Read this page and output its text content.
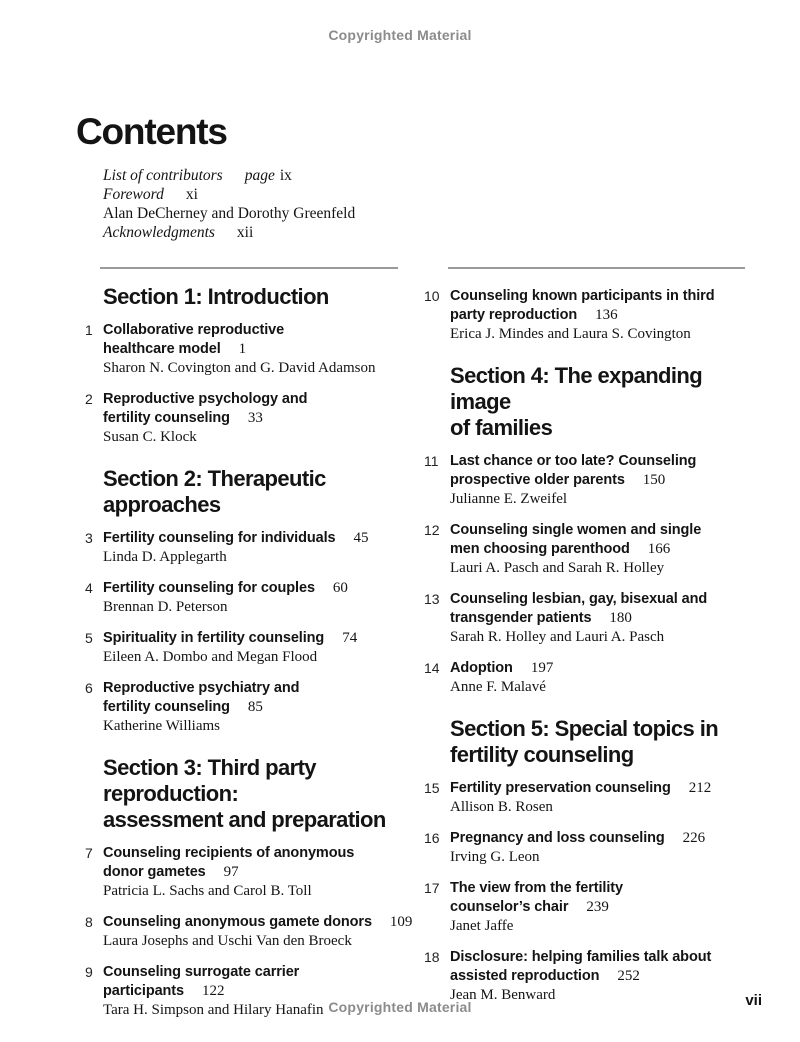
Copyrighted Material
Contents
List of contributors page ix
Foreword xi
Alan DeCherney and Dorothy Greenfeld
Acknowledgments xii
Section 1: Introduction
1 Collaborative reproductive
healthcare model 1
Sharon N. Covington and G. David Adamson
2 Reproductive psychology and
fertility counseling 33
Susan C. Klock
Section 2: Therapeutic approaches
3 Fertility counseling for individuals 45
Linda D. Applegarth
4 Fertility counseling for couples 60
Brennan D. Peterson
5 Spirituality in fertility counseling 74
Eileen A. Dombo and Megan Flood
6 Reproductive psychiatry and
fertility counseling 85
Katherine Williams
Section 3: Third party reproduction:
assessment and preparation
7 Counseling recipients of anonymous
donor gametes 97
Patricia L. Sachs and Carol B. Toll
8 Counseling anonymous gamete donors 109
Laura Josephs and Uschi Van den Broeck
9 Counseling surrogate carrier
participants 122
Tara H. Simpson and Hilary Hanafin
10 Counseling known participants in third
party reproduction 136
Erica J. Mindes and Laura S. Covington
Section 4: The expanding image
of families
11 Last chance or too late? Counseling
prospective older parents 150
Julianne E. Zweifel
12 Counseling single women and single
men choosing parenthood 166
Lauri A. Pasch and Sarah R. Holley
13 Counseling lesbian, gay, bisexual and
transgender patients 180
Sarah R. Holley and Lauri A. Pasch
14 Adoption 197
Anne F. Malavé
Section 5: Special topics in
fertility counseling
15 Fertility preservation counseling 212
Allison B. Rosen
16 Pregnancy and loss counseling 226
Irving G. Leon
17 The view from the fertility
counselor’s chair 239
Janet Jaffe
18 Disclosure: helping families talk about
assisted reproduction 252
Jean M. Benward
Copyrighted Material	vii
